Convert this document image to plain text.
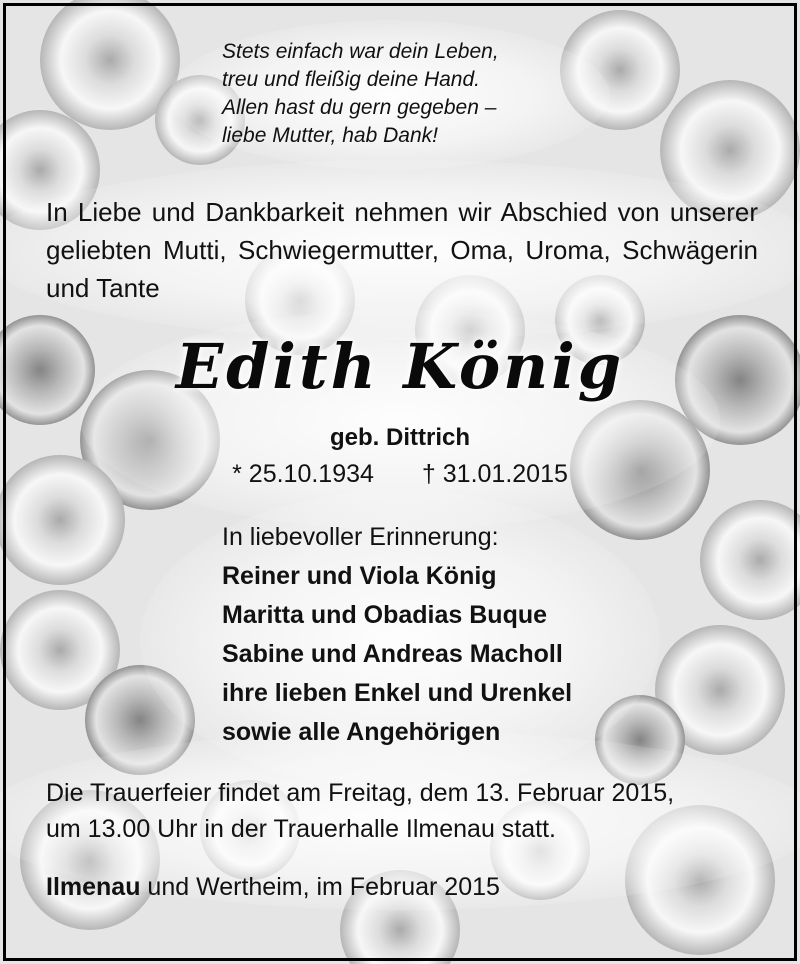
Stets einfach war dein Leben,
treu und fleißig deine Hand.
Allen hast du gern gegeben –
liebe Mutter, hab Dank!
In Liebe und Dankbarkeit nehmen wir Abschied von unserer geliebten Mutti, Schwiegermutter, Oma, Uroma, Schwägerin und Tante
Edith König
geb. Dittrich
* 25.10.1934 † 31.01.2015
In liebevoller Erinnerung:
Reiner und Viola König
Maritta und Obadias Buque
Sabine und Andreas Macholl
ihre lieben Enkel und Urenkel
sowie alle Angehörigen
Die Trauerfeier findet am Freitag, dem 13. Februar 2015,
um 13.00 Uhr in der Trauerhalle Ilmenau statt.
Ilmenau und Wertheim, im Februar 2015
